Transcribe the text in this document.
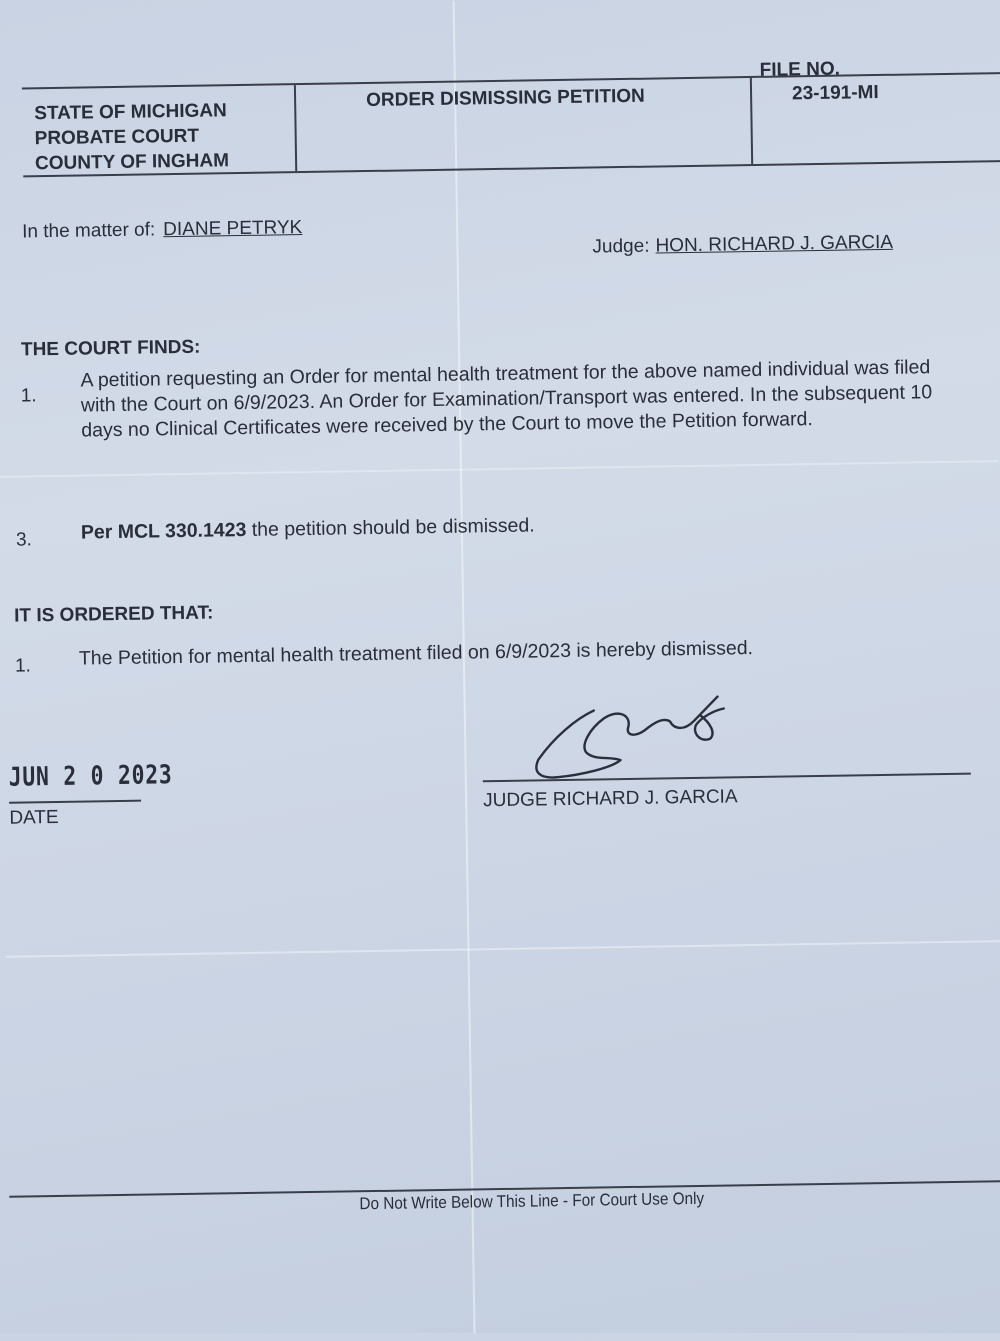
STATE OF MICHIGAN
PROBATE COURT
COUNTY OF INGHAM
ORDER DISMISSING PETITION
FILE NO.
23-191-MI
In the matter of: DIANE PETRYK
Judge: HON. RICHARD J. GARCIA
THE COURT FINDS:
1.
A petition requesting an Order for mental health treatment for the above named individual was filed with the Court on 6/9/2023. An Order for Examination/Transport was entered. In the subsequent 10 days no Clinical Certificates were received by the Court to move the Petition forward.
3. Per MCL 330.1423 the petition should be dismissed.
IT IS ORDERED THAT:
1. The Petition for mental health treatment filed on 6/9/2023 is hereby dismissed.
JUN 2 0 2023
DATE
JUDGE RICHARD J. GARCIA
Do Not Write Below This Line - For Court Use Only
